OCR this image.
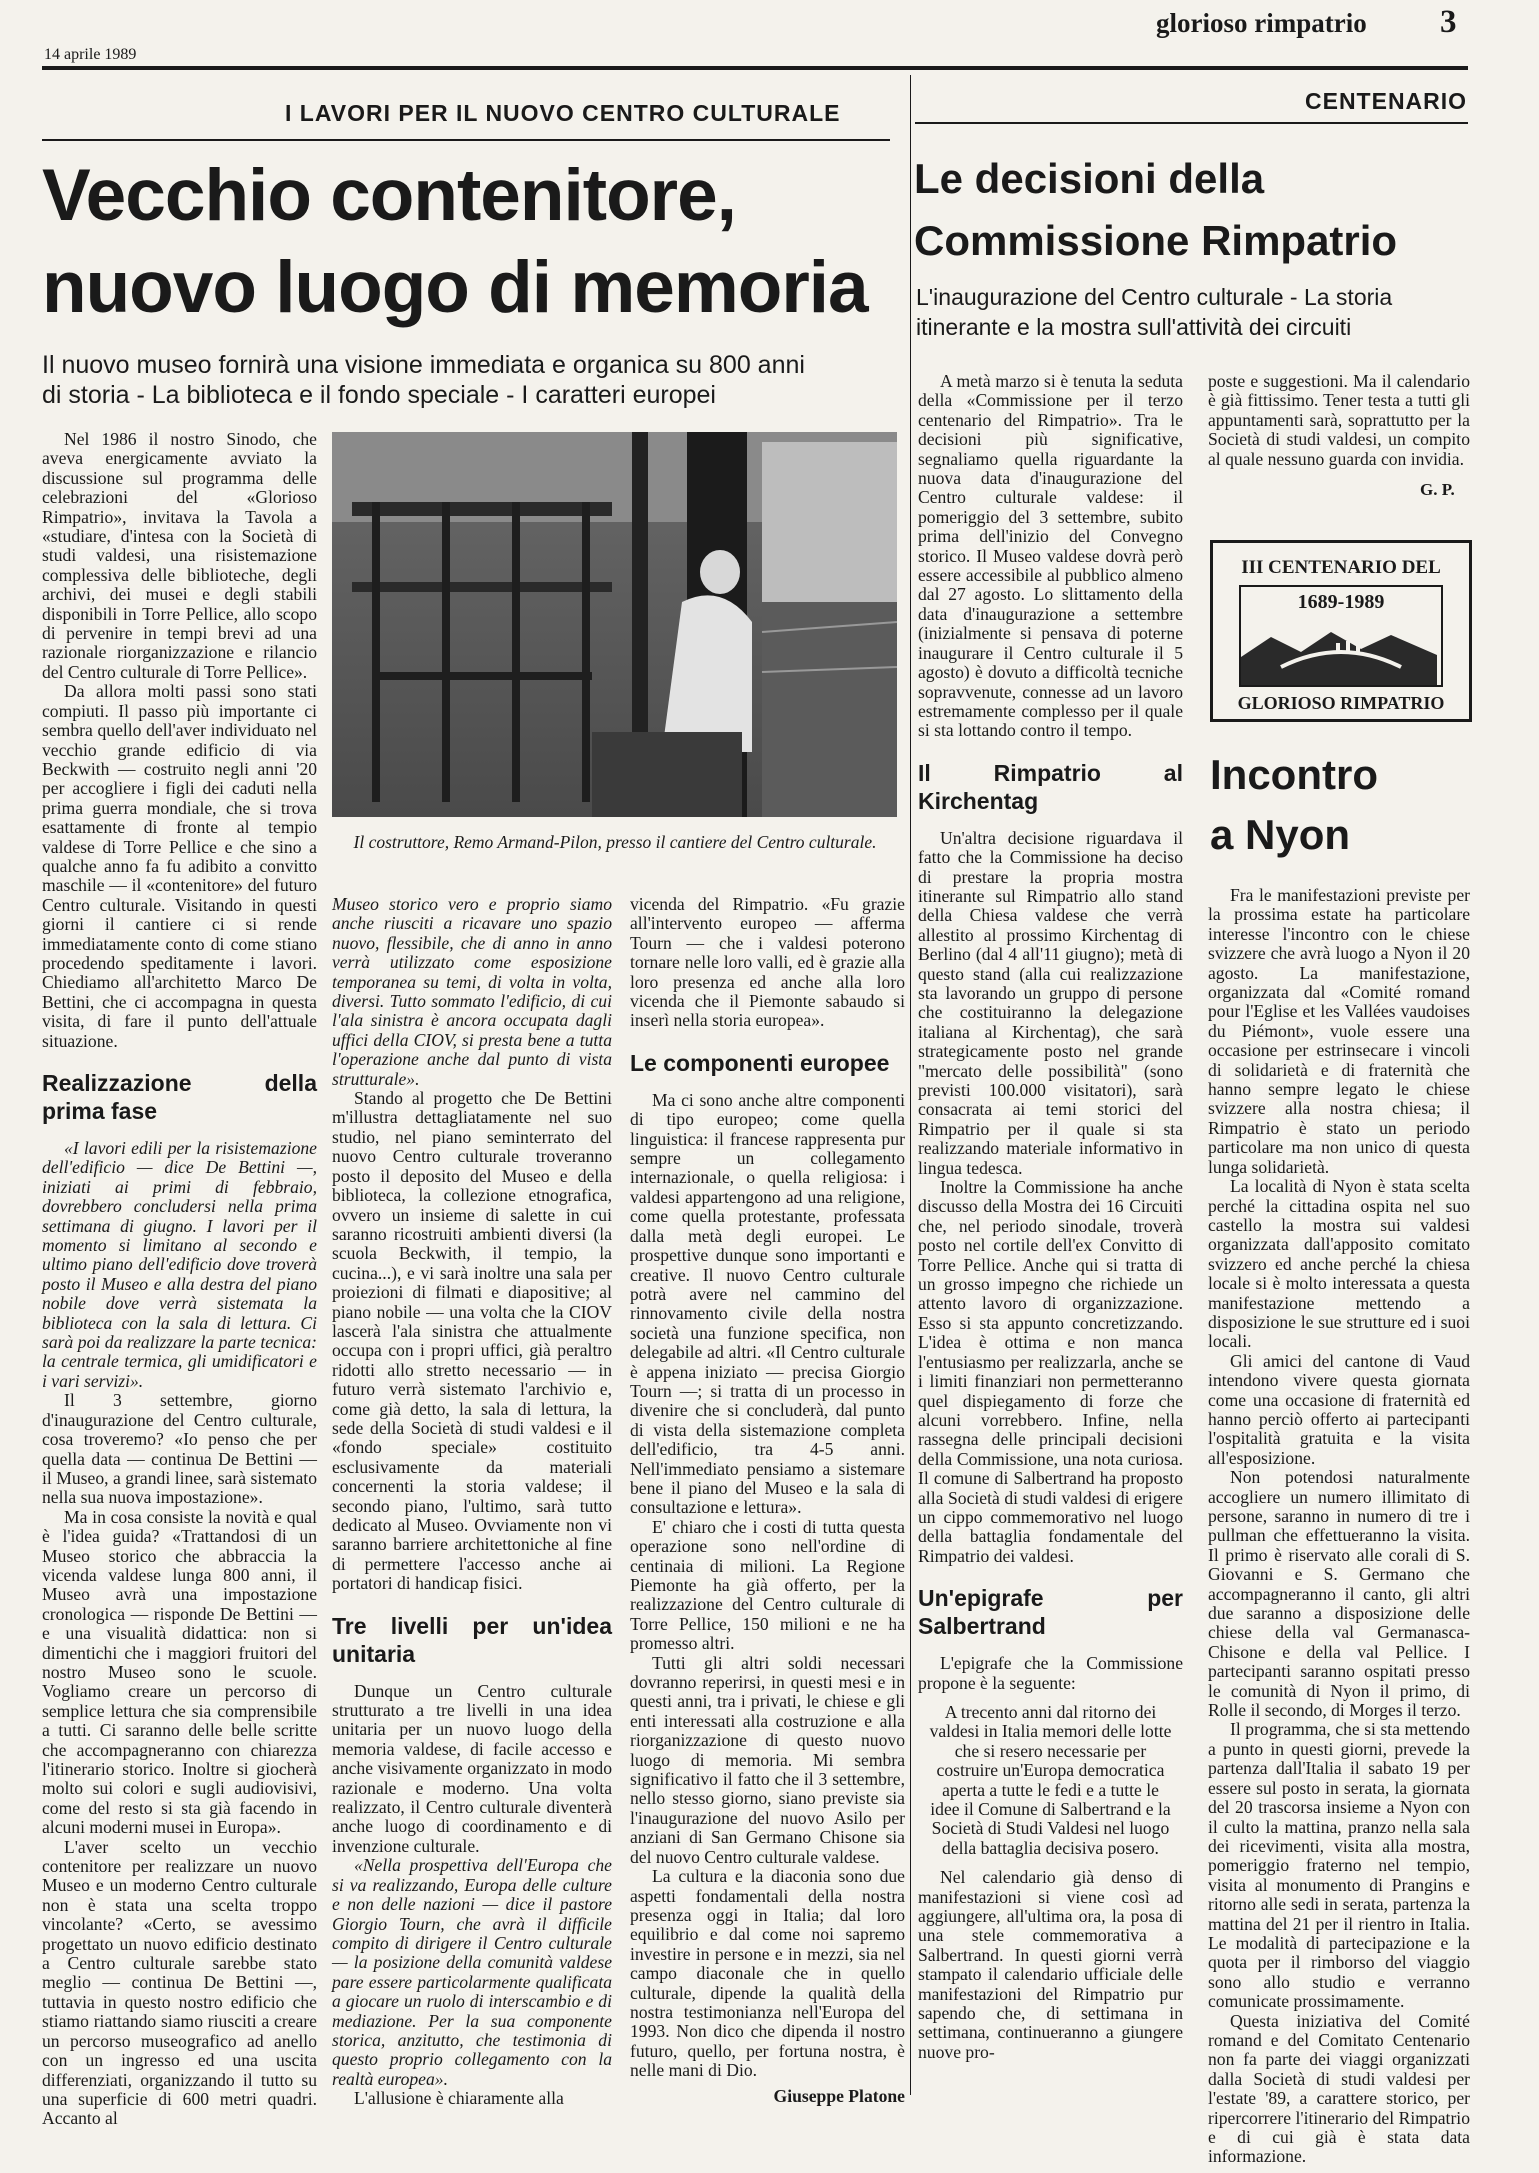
14 aprile 1989
glorioso rimpatrio 3
I LAVORI PER IL NUOVO CENTRO CULTURALE
Vecchio contenitore,
nuovo luogo di memoria
Il nuovo museo fornirà una visione immediata e organica su 800 anni
di storia - La biblioteca e il fondo speciale - I caratteri europei
Il costruttore, Remo Armand-Pilon, presso il cantiere del Centro culturale.

Nel 1986 il nostro Sinodo, che aveva energicamente avviato la discussione sul programma delle celebrazioni del «Glorioso Rimpatrio», invitava la Tavola a «studiare, d'intesa con la Società di studi valdesi, una risistemazione complessiva delle biblioteche, degli archivi, dei musei e degli stabili disponibili in Torre Pellice, allo scopo di pervenire in tempi brevi ad una razionale riorganizzazione e rilancio del Centro culturale di Torre Pellice».

Da allora molti passi sono stati compiuti. Il passo più importante ci sembra quello dell'aver individuato nel vecchio grande edificio di via Beckwith — costruito negli anni '20 per accogliere i figli dei caduti nella prima guerra mondiale, che si trova esattamente di fronte al tempio valdese di Torre Pellice e che sino a qualche anno fa fu adibito a convitto maschile — il «contenitore» del futuro Centro culturale. Visitando in questi giorni il cantiere ci si rende immediatamente conto di come stiano procedendo speditamente i lavori. Chiediamo all'architetto Marco De Bettini, che ci accompagna in questa visita, di fare il punto dell'attuale situazione.

Realizzazione della prima fase

«I lavori edili per la risistemazione dell'edificio — dice De Bettini —, iniziati ai primi di febbraio, dovrebbero concludersi nella prima settimana di giugno. I lavori per il momento si limitano al secondo e ultimo piano dell'edificio dove troverà posto il Museo e alla destra del piano nobile dove verrà sistemata la biblioteca con la sala di lettura. Ci sarà poi da realizzare la parte tecnica: la centrale termica, gli umidificatori e i vari servizi».

Il 3 settembre, giorno d'inaugurazione del Centro culturale, cosa troveremo? «Io penso che per quella data — continua De Bettini — il Museo, a grandi linee, sarà sistemato nella sua nuova impostazione».

Ma in cosa consiste la novità e qual è l'idea guida? «Trattandosi di un Museo storico che abbraccia la vicenda valdese lunga 800 anni, il Museo avrà una impostazione cronologica — risponde De Bettini — e una visualità didattica: non si dimentichi che i maggiori fruitori del nostro Museo sono le scuole. Vogliamo creare un percorso di semplice lettura che sia comprensibile a tutti. Ci saranno delle belle scritte che accompagneranno con chiarezza l'itinerario storico. Inoltre si giocherà molto sui colori e sugli audiovisivi, come del resto si sta già facendo in alcuni moderni musei in Europa».

L'aver scelto un vecchio contenitore per realizzare un nuovo Museo e un moderno Centro culturale non è stata una scelta troppo vincolante? «Certo, se avessimo progettato un nuovo edificio destinato a Centro culturale sarebbe stato meglio — continua De Bettini —, tuttavia in questo nostro edificio che stiamo riattando siamo riusciti a creare un percorso museografico ad anello con un ingresso ed una uscita differenziati, organizzando il tutto su una superficie di 600 metri quadri. Accanto al

Museo storico vero e proprio siamo anche riusciti a ricavare uno spazio nuovo, flessibile, che di anno in anno verrà utilizzato come esposizione temporanea su temi, di volta in volta, diversi. Tutto sommato l'edificio, di cui l'ala sinistra è ancora occupata dagli uffici della CIOV, si presta bene a tutta l'operazione anche dal punto di vista strutturale».

Stando al progetto che De Bettini m'illustra dettagliatamente nel suo studio, nel piano seminterrato del nuovo Centro culturale troveranno posto il deposito del Museo e della biblioteca, la collezione etnografica, ovvero un insieme di salette in cui saranno ricostruiti ambienti diversi (la scuola Beckwith, il tempio, la cucina...), e vi sarà inoltre una sala per proiezioni di filmati e diapositive; al piano nobile — una volta che la CIOV lascerà l'ala sinistra che attualmente occupa con i propri uffici, già peraltro ridotti allo stretto necessario — in futuro verrà sistemato l'archivio e, come già detto, la sala di lettura, la sede della Società di studi valdesi e il «fondo speciale» costituito esclusivamente da materiali concernenti la storia valdese; il secondo piano, l'ultimo, sarà tutto dedicato al Museo. Ovviamente non vi saranno barriere architettoniche al fine di permettere l'accesso anche ai portatori di handicap fisici.

Tre livelli per un'idea unitaria

Dunque un Centro culturale strutturato a tre livelli in una idea unitaria per un nuovo luogo della memoria valdese, di facile accesso e anche visivamente organizzato in modo razionale e moderno. Una volta realizzato, il Centro culturale diventerà anche luogo di coordinamento e di invenzione culturale.

«Nella prospettiva dell'Europa che si va realizzando, Europa delle culture e non delle nazioni — dice il pastore Giorgio Tourn, che avrà il difficile compito di dirigere il Centro culturale — la posizione della comunità valdese pare essere particolarmente qualificata a giocare un ruolo di interscambio e di mediazione. Per la sua componente storica, anzitutto, che testimonia di questo proprio collegamento con la realtà europea».

L'allusione è chiaramente alla

vicenda del Rimpatrio. «Fu grazie all'intervento europeo — afferma Tourn — che i valdesi poterono tornare nelle loro valli, ed è grazie alla loro presenza ed anche alla loro vicenda che il Piemonte sabaudo si inserì nella storia europea».

Le componenti europee

Ma ci sono anche altre componenti di tipo europeo; come quella linguistica: il francese rappresenta pur sempre un collegamento internazionale, o quella religiosa: i valdesi appartengono ad una religione, come quella protestante, professata dalla metà degli europei. Le prospettive dunque sono importanti e creative. Il nuovo Centro culturale potrà avere nel cammino del rinnovamento civile della nostra società una funzione specifica, non delegabile ad altri. «Il Centro culturale è appena iniziato — precisa Giorgio Tourn —; si tratta di un processo in divenire che si concluderà, dal punto di vista della sistemazione completa dell'edificio, tra 4-5 anni. Nell'immediato pensiamo a sistemare bene il piano del Museo e la sala di consultazione e lettura».

E' chiaro che i costi di tutta questa operazione sono nell'ordine di centinaia di milioni. La Regione Piemonte ha già offerto, per la realizzazione del Centro culturale di Torre Pellice, 150 milioni e ne ha promesso altri.

Tutti gli altri soldi necessari dovranno reperirsi, in questi mesi e in questi anni, tra i privati, le chiese e gli enti interessati alla costruzione e alla riorganizzazione di questo nuovo luogo di memoria. Mi sembra significativo il fatto che il 3 settembre, nello stesso giorno, siano previste sia l'inaugurazione del nuovo Asilo per anziani di San Germano Chisone sia del nuovo Centro culturale valdese.

La cultura e la diaconia sono due aspetti fondamentali della nostra presenza oggi in Italia; dal loro equilibrio e dal come noi sapremo investire in persone e in mezzi, sia nel campo diaconale che in quello culturale, dipende la qualità della nostra testimonianza nell'Europa del 1993. Non dico che dipenda il nostro futuro, quello, per fortuna nostra, è nelle mani di Dio.

Giuseppe Platone

CENTENARIO
Le decisioni della
Commissione Rimpatrio
L'inaugurazione del Centro culturale - La storia
itinerante e la mostra sull'attività dei circuiti

A metà marzo si è tenuta la seduta della «Commissione per il terzo centenario del Rimpatrio». Tra le decisioni più significative, segnaliamo quella riguardante la nuova data d'inaugurazione del Centro culturale valdese: il pomeriggio del 3 settembre, subito prima dell'inizio del Convegno storico. Il Museo valdese dovrà però essere accessibile al pubblico almeno dal 27 agosto. Lo slittamento della data d'inaugurazione a settembre (inizialmente si pensava di poterne inaugurare il Centro culturale il 5 agosto) è dovuto a difficoltà tecniche sopravvenute, connesse ad un lavoro estremamente complesso per il quale si sta lottando contro il tempo.

Il Rimpatrio al Kirchentag

Un'altra decisione riguardava il fatto che la Commissione ha deciso di prestare la propria mostra itinerante sul Rimpatrio allo stand della Chiesa valdese che verrà allestito al prossimo Kirchentag di Berlino (dal 4 all'11 giugno); metà di questo stand (alla cui realizzazione sta lavorando un gruppo di persone che costituiranno la delegazione italiana al Kirchentag), che sarà strategicamente posto nel grande "mercato delle possibilità" (sono previsti 100.000 visitatori), sarà consacrata ai temi storici del Rimpatrio per il quale si sta realizzando materiale informativo in lingua tedesca.

Inoltre la Commissione ha anche discusso della Mostra dei 16 Circuiti che, nel periodo sinodale, troverà posto nel cortile dell'ex Convitto di Torre Pellice. Anche qui si tratta di un grosso impegno che richiede un attento lavoro di organizzazione. Esso si sta appunto concretizzando. L'idea è ottima e non manca l'entusiasmo per realizzarla, anche se i limiti finanziari non permetteranno quel dispiegamento di forze che alcuni vorrebbero. Infine, nella rassegna delle principali decisioni della Commissione, una nota curiosa. Il comune di Salbertrand ha proposto alla Società di studi valdesi di erigere un cippo commemorativo nel luogo della battaglia fondamentale del Rimpatrio dei valdesi.

Un'epigrafe per Salbertrand

L'epigrafe che la Commissione propone è la seguente:

A trecento anni dal ritorno dei valdesi in Italia memori delle lotte che si resero necessarie per costruire un'Europa democratica aperta a tutte le fedi e a tutte le idee il Comune di Salbertrand e la Società di Studi Valdesi nel luogo della battaglia decisiva posero.

Nel calendario già denso di manifestazioni si viene così ad aggiungere, all'ultima ora, la posa di una stele commemorativa a Salbertrand. In questi giorni verrà stampato il calendario ufficiale delle manifestazioni del Rimpatrio pur sapendo che, di settimana in settimana, continueranno a giungere nuove pro-

poste e suggestioni. Ma il calendario è già fittissimo. Tener testa a tutti gli appuntamenti sarà, soprattutto per la Società di studi valdesi, un compito al quale nessuno guarda con invidia.

G. P.
III CENTENARIO DEL
1689-1989
GLORIOSO RIMPATRIO
Incontro
a Nyon

Fra le manifestazioni previste per la prossima estate ha particolare interesse l'incontro con le chiese svizzere che avrà luogo a Nyon il 20 agosto. La manifestazione, organizzata dal «Comité romand pour l'Eglise et les Vallées vaudoises du Piémont», vuole essere una occasione per estrinsecare i vincoli di solidarietà e di fraternità che hanno sempre legato le chiese svizzere alla nostra chiesa; il Rimpatrio è stato un periodo particolare ma non unico di questa lunga solidarietà.

La località di Nyon è stata scelta perché la cittadina ospita nel suo castello la mostra sui valdesi organizzata dall'apposito comitato svizzero ed anche perché la chiesa locale si è molto interessata a questa manifestazione mettendo a disposizione le sue strutture ed i suoi locali.

Gli amici del cantone di Vaud intendono vivere questa giornata come una occasione di fraternità ed hanno perciò offerto ai partecipanti l'ospitalità gratuita e la visita all'esposizione.

Non potendosi naturalmente accogliere un numero illimitato di persone, saranno in numero di tre i pullman che effettueranno la visita. Il primo è riservato alle corali di S. Giovanni e S. Germano che accompagneranno il canto, gli altri due saranno a disposizione delle chiese della val Germanasca-Chisone e della val Pellice. I partecipanti saranno ospitati presso le comunità di Nyon il primo, di Rolle il secondo, di Morges il terzo.

Il programma, che si sta mettendo a punto in questi giorni, prevede la partenza dall'Italia il sabato 19 per essere sul posto in serata, la giornata del 20 trascorsa insieme a Nyon con il culto la mattina, pranzo nella sala dei ricevimenti, visita alla mostra, pomeriggio fraterno nel tempio, visita al monumento di Prangins e ritorno alle sedi in serata, partenza la mattina del 21 per il rientro in Italia. Le modalità di partecipazione e la quota per il rimborso del viaggio sono allo studio e verranno comunicate prossimamente.

Questa iniziativa del Comité romand e del Comitato Centenario non fa parte dei viaggi organizzati dalla Società di studi valdesi per l'estate '89, a carattere storico, per ripercorrere l'itinerario del Rimpatrio e di cui già è stata data informazione.
